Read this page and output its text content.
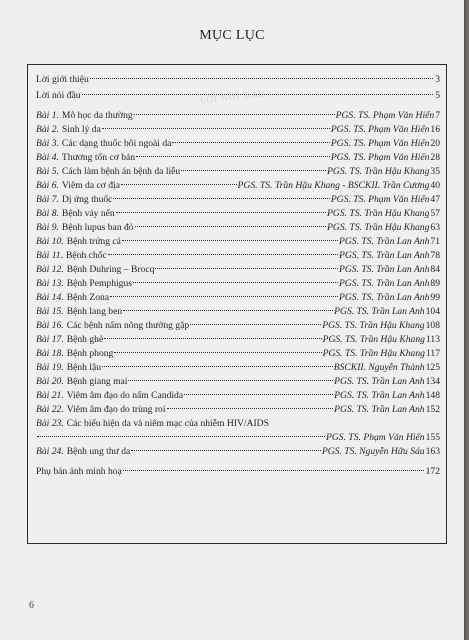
MỤC LỤC
LỜI NÓI ĐẦU
Lời giới thiệu	3
Lời nói đầu	5
Bài 1. Mô học da thường	PGS. TS. Phạm Văn Hiển 7
Bài 2. Sinh lý da	PGS. TS. Phạm Văn Hiển 16
Bài 3. Các dạng thuốc bôi ngoài da	PGS. TS. Phạm Văn Hiển 20
Bài 4. Thương tổn cơ bản	PGS. TS. Phạm Văn Hiển 28
Bài 5. Cách làm bệnh án bệnh da liễu	PGS. TS. Trần Hậu Khang 35
Bài 6. Viêm da cơ địa	PGS. TS. Trần Hậu Khang - BSCKII. Trần Cương 40
Bài 7. Dị ứng thuốc	PGS. TS. Phạm Văn Hiển 47
Bài 8. Bệnh vảy nến	PGS. TS. Trần Hậu Khang 57
Bài 9. Bệnh lupus ban đỏ	PGS. TS. Trần Hậu Khang 63
Bài 10. Bệnh trứng cá	PGS. TS. Trần Lan Anh 71
Bài 11. Bệnh chốc	PGS. TS. Trần Lan Anh 78
Bài 12. Bệnh Duhring – Brocq	PGS. TS. Trần Lan Anh 84
Bài 13. Bệnh Pemphigus	PGS. TS. Trần Lan Anh 89
Bài 14. Bệnh Zona	PGS. TS. Trần Lan Anh 99
Bài 15. Bệnh lang ben	PGS. TS. Trần Lan Anh 104
Bài 16. Các bệnh nấm nông thường gặp	PGS. TS. Trần Hậu Khang 108
Bài 17. Bệnh ghẻ	PGS. TS. Trần Hậu Khang 113
Bài 18. Bệnh phong	PGS. TS. Trần Hậu Khang 117
Bài 19. Bệnh lậu	BSCKII. Nguyễn Thành 125
Bài 20. Bệnh giang mai	PGS. TS. Trần Lan Anh 134
Bài 21. Viêm âm đạo do nấm Candida	PGS. TS. Trần Lan Anh 148
Bài 22. Viêm âm đạo do trùng roi	PGS. TS. Trần Lan Anh 152
Bài 23. Các biểu hiện da và niêm mạc của nhiễm HIV/AIDS
PGS. TS. Phạm Văn Hiển 155
Bài 24. Bệnh ung thư da	PGS. TS. Nguyễn Hữu Sáu 163
Phụ bản ảnh minh hoạ	172
6
